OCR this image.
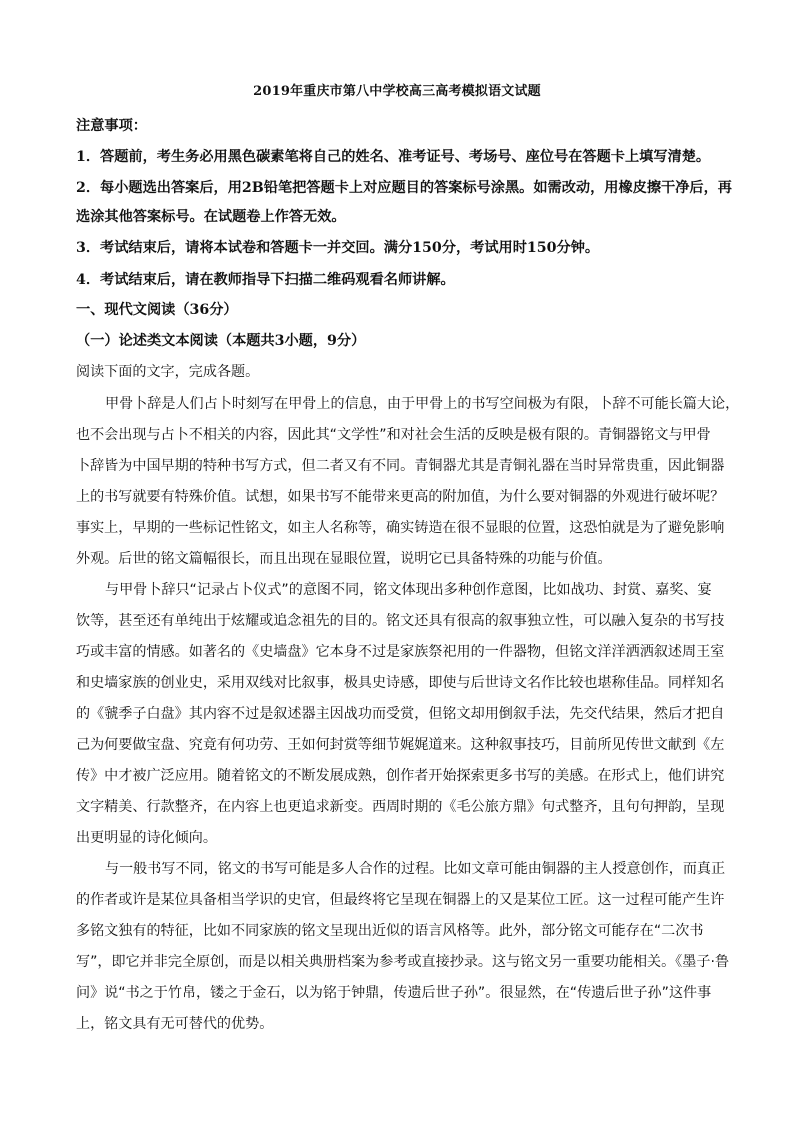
2019年重庆市第八中学校高三高考模拟语文试题
注意事项：
1．答题前，考生务必用黑色碳素笔将自己的姓名、准考证号、考场号、座位号在答题卡上填写清楚。
2．每小题选出答案后，用2B铅笔把答题卡上对应题目的答案标号涂黑。如需改动，用橡皮擦干净后，再
选涂其他答案标号。在试题卷上作答无效。
3．考试结束后，请将本试卷和答题卡一并交回。满分150分，考试用时150分钟。
4．考试结束后，请在教师指导下扫描二维码观看名师讲解。
一、现代文阅读（36分）
（一）论述类文本阅读（本题共3小题，9分）
阅读下面的文字，完成各题。
甲骨卜辞是人们占卜时刻写在甲骨上的信息，由于甲骨上的书写空间极为有限，卜辞不可能长篇大论，
也不会出现与占卜不相关的内容，因此其“文学性”和对社会生活的反映是极有限的。青铜器铭文与甲骨
卜辞皆为中国早期的特种书写方式，但二者又有不同。青铜器尤其是青铜礼器在当时异常贵重，因此铜器
上的书写就要有特殊价值。试想，如果书写不能带来更高的附加值，为什么要对铜器的外观进行破坏呢？
事实上，早期的一些标记性铭文，如主人名称等，确实铸造在很不显眼的位置，这恐怕就是为了避免影响
外观。后世的铭文篇幅很长，而且出现在显眼位置，说明它已具备特殊的功能与价值。
与甲骨卜辞只“记录占卜仪式”的意图不同，铭文体现出多种创作意图，比如战功、封赏、嘉奖、宴
饮等，甚至还有单纯出于炫耀或追念祖先的目的。铭文还具有很高的叙事独立性，可以融入复杂的书写技
巧或丰富的情感。如著名的《史墙盘》它本身不过是家族祭祀用的一件器物，但铭文洋洋洒洒叙述周王室
和史墙家族的创业史，采用双线对比叙事，极具史诗感，即使与后世诗文名作比较也堪称佳品。同样知名
的《虢季子白盘》其内容不过是叙述器主因战功而受赏，但铭文却用倒叙手法，先交代结果，然后才把自
己为何要做宝盘、究竟有何功劳、王如何封赏等细节娓娓道来。这种叙事技巧，目前所见传世文献到《左
传》中才被广泛应用。随着铭文的不断发展成熟，创作者开始探索更多书写的美感。在形式上，他们讲究
文字精美、行款整齐，在内容上也更追求新变。西周时期的《毛公旅方鼎》句式整齐，且句句押韵，呈现
出更明显的诗化倾向。
与一般书写不同，铭文的书写可能是多人合作的过程。比如文章可能由铜器的主人授意创作，而真正
的作者或许是某位具备相当学识的史官，但最终将它呈现在铜器上的又是某位工匠。这一过程可能产生许
多铭文独有的特征，比如不同家族的铭文呈现出近似的语言风格等。此外，部分铭文可能存在“二次书
写”，即它并非完全原创，而是以相关典册档案为参考或直接抄录。这与铭文另一重要功能相关。《墨子·鲁
问》说“书之于竹帛，镂之于金石，以为铭于钟鼎，传遗后世子孙”。很显然，在“传遗后世子孙”这件事
上，铭文具有无可替代的优势。
